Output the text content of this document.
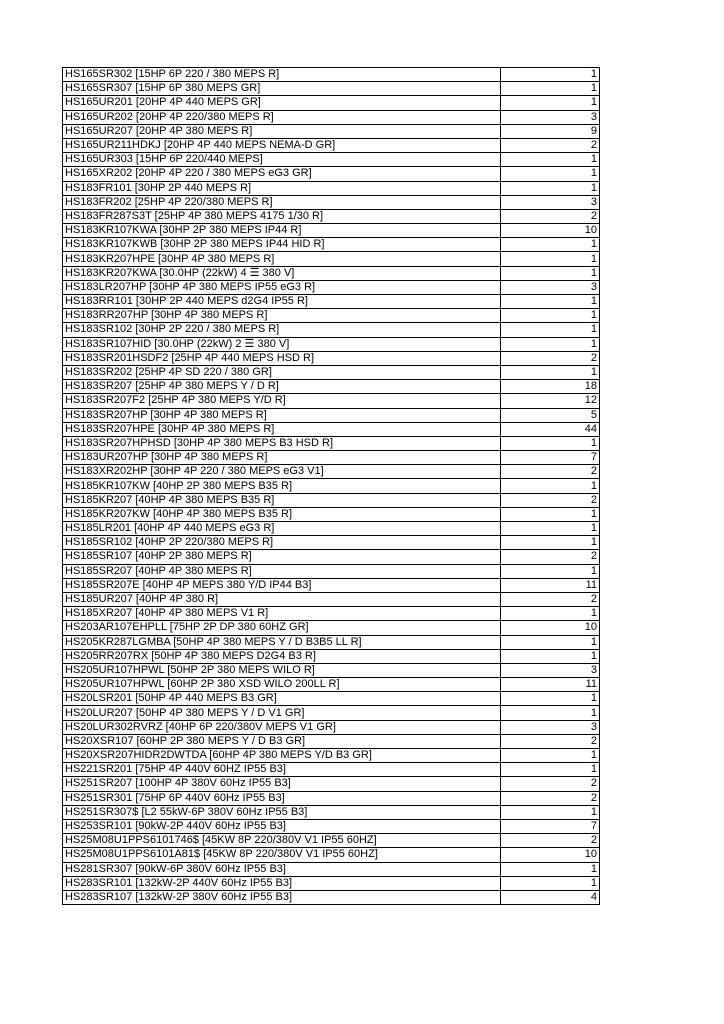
HS165SR302 [15HP 6P 220 / 380 MEPS R]	1
HS165SR307 [15HP 6P 380 MEPS GR]	1
HS165UR201 [20HP 4P 440 MEPS GR]	1
HS165UR202 [20HP 4P 220/380 MEPS R]	3
HS165UR207 [20HP 4P 380 MEPS R]	9
HS165UR211HDKJ [20HP 4P 440 MEPS NEMA-D GR]	2
HS165UR303 [15HP 6P 220/440 MEPS]	1
HS165XR202 [20HP 4P 220 / 380 MEPS eG3 GR]	1
HS183FR101 [30HP 2P 440 MEPS R]	1
HS183FR202 [25HP 4P 220/380 MEPS R]	3
HS183FR287S3T [25HP 4P 380 MEPS 4175 1/30 R]	2
HS183KR107KWA [30HP 2P 380 MEPS IP44 R]	10
HS183KR107KWB [30HP 2P 380 MEPS IP44 HID R]	1
HS183KR207HPE [30HP 4P 380 MEPS R]	1
HS183KR207KWA [30.0HP (22kW) 4 ☰ 380 V]	1
HS183LR207HP [30HP 4P 380 MEPS IP55 eG3 R]	3
HS183RR101 [30HP 2P 440 MEPS d2G4 IP55 R]	1
HS183RR207HP [30HP 4P 380 MEPS R]	1
HS183SR102 [30HP 2P 220 / 380 MEPS R]	1
HS183SR107HID [30.0HP (22kW) 2 ☰ 380 V]	1
HS183SR201HSDF2 [25HP 4P 440 MEPS HSD R]	2
HS183SR202 [25HP 4P SD 220 / 380 GR]	1
HS183SR207 [25HP 4P 380 MEPS Y / D R]	18
HS183SR207F2 [25HP 4P 380 MEPS Y/D R]	12
HS183SR207HP [30HP 4P 380 MEPS R]	5
HS183SR207HPE [30HP 4P 380 MEPS R]	44
HS183SR207HPHSD [30HP 4P 380 MEPS B3 HSD R]	1
HS183UR207HP [30HP 4P 380 MEPS R]	7
HS183XR202HP [30HP 4P 220 / 380 MEPS eG3 V1]	2
HS185KR107KW [40HP 2P 380 MEPS B35 R]	1
HS185KR207 [40HP 4P 380 MEPS B35 R]	2
HS185KR207KW [40HP 4P 380 MEPS B35 R]	1
HS185LR201 [40HP 4P 440 MEPS eG3 R]	1
HS185SR102 [40HP 2P 220/380 MEPS R]	1
HS185SR107 [40HP 2P 380 MEPS R]	2
HS185SR207 [40HP 4P 380 MEPS R]	1
HS185SR207E [40HP 4P MEPS 380 Y/D IP44 B3]	11
HS185UR207 [40HP 4P 380 R]	2
HS185XR207 [40HP 4P 380 MEPS V1 R]	1
HS203AR107EHPLL [75HP 2P DP 380 60HZ GR]	10
HS205KR287LGMBA [50HP 4P 380 MEPS Y / D B3B5 LL R]	1
HS205RR207RX [50HP 4P 380 MEPS D2G4 B3 R]	1
HS205UR107HPWL [50HP 2P 380 MEPS WILO R]	3
HS205UR107HPWL [60HP 2P 380 XSD WILO 200LL R]	11
HS20LSR201 [50HP 4P 440 MEPS B3 GR]	1
HS20LUR207 [50HP 4P 380 MEPS Y / D V1 GR]	1
HS20LUR302RVRZ [40HP 6P 220/380V MEPS V1 GR]	3
HS20XSR107 [60HP 2P 380 MEPS Y / D B3 GR]	2
HS20XSR207HIDR2DWTDA [60HP 4P 380 MEPS Y/D B3 GR]	1
HS221SR201 [75HP 4P 440V 60HZ IP55 B3]	1
HS251SR207 [100HP 4P 380V 60Hz IP55 B3]	2
HS251SR301 [75HP 6P 440V 60Hz IP55 B3]	2
HS251SR307$ [L2 55kW-6P 380V 60Hz IP55 B3]	1
HS253SR101 [90kW-2P 440V 60Hz IP55 B3]	7
HS25M08U1PPS6101746$ [45KW 8P 220/380V V1 IP55 60HZ]	2
HS25M08U1PPS6101A81$ [45KW 8P 220/380V V1 IP55 60HZ]	10
HS281SR307 [90kW-6P 380V 60Hz IP55 B3]	1
HS283SR101 [132kW-2P 440V 60Hz IP55 B3]	1
HS283SR107 [132kW-2P 380V 60Hz IP55 B3]	4
